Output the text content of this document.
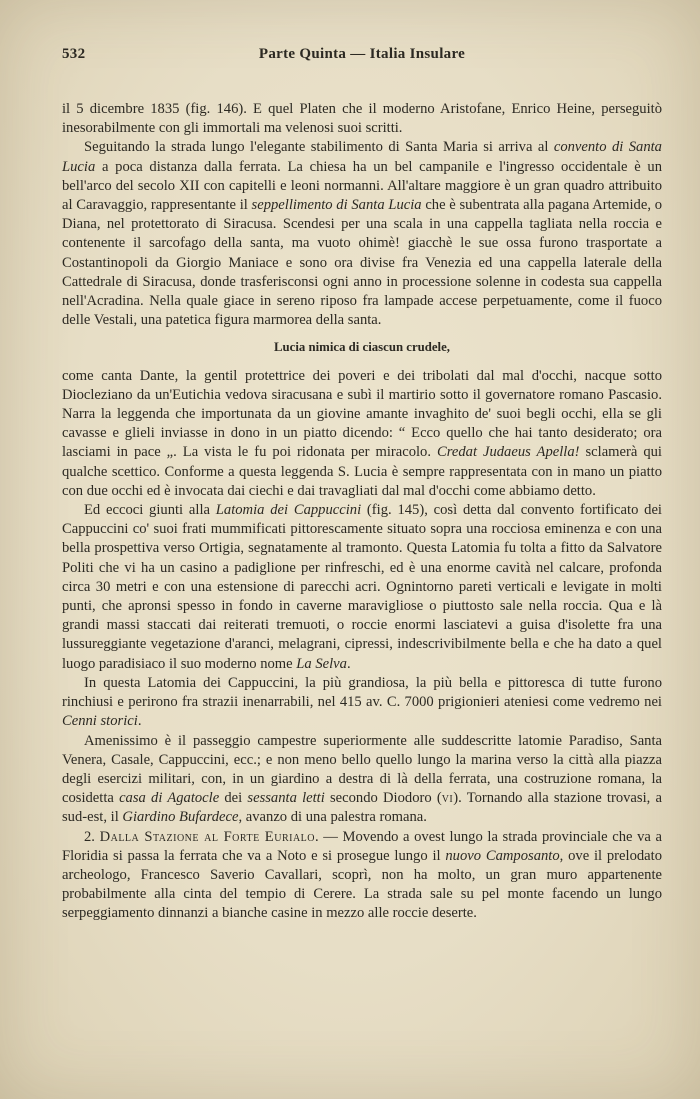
532	Parte Quinta — Italia Insulare

il 5 dicembre 1835 (fig. 146). E quel Platen che il moderno Aristofane, Enrico Heine, perseguitò inesorabilmente con gli immortali ma velenosi suoi scritti.

Seguitando la strada lungo l'elegante stabilimento di Santa Maria si arriva al convento di Santa Lucia a poca distanza dalla ferrata. La chiesa ha un bel campanile e l'ingresso occidentale è un bell'arco del secolo XII con capitelli e leoni normanni. All'altare maggiore è un gran quadro attribuito al Caravaggio, rappresentante il seppellimento di Santa Lucia che è subentrata alla pagana Artemide, o Diana, nel protettorato di Siracusa. Scendesi per una scala in una cappella tagliata nella roccia e contenente il sarcofago della santa, ma vuoto ohimè! giacchè le sue ossa furono trasportate a Costantinopoli da Giorgio Maniace e sono ora divise fra Venezia ed una cappella laterale della Cattedrale di Siracusa, donde trasferisconsi ogni anno in processione solenne in codesta sua cappella nell'Acradina. Nella quale giace in sereno riposo fra lampade accese perpetuamente, come il fuoco delle Vestali, una patetica figura marmorea della santa.

Lucia nimica di ciascun crudele,

come canta Dante, la gentil protettrice dei poveri e dei tribolati dal mal d'occhi, nacque sotto Diocleziano da un'Eutichia vedova siracusana e subì il martirio sotto il governatore romano Pascasio. Narra la leggenda che importunata da un giovine amante invaghito de' suoi begli occhi, ella se gli cavasse e glieli inviasse in dono in un piatto dicendo: “ Ecco quello che hai tanto desiderato; ora lasciami in pace „. La vista le fu poi ridonata per miracolo. Credat Judaeus Apella! sclamerà qui qualche scettico. Conforme a questa leggenda S. Lucia è sempre rappresentata con in mano un piatto con due occhi ed è invocata dai ciechi e dai travagliati dal mal d'occhi come abbiamo detto.

Ed eccoci giunti alla Latomia dei Cappuccini (fig. 145), così detta dal convento fortificato dei Cappuccini co' suoi frati mummificati pittorescamente situato sopra una rocciosa eminenza e con una bella prospettiva verso Ortigia, segnatamente al tramonto. Questa Latomia fu tolta a fitto da Salvatore Politi che vi ha un casino a padiglione per rinfreschi, ed è una enorme cavità nel calcare, profonda circa 30 metri e con una estensione di parecchi acri. Ognintorno pareti verticali e levigate in molti punti, che apronsi spesso in fondo in caverne maravigliose o piuttosto sale nella roccia. Qua e là grandi massi staccati dai reiterati tremuoti, o roccie enormi lasciatevi a guisa d'isolette fra una lussureggiante vegetazione d'aranci, melagrani, cipressi, indescrivibilmente bella e che ha dato a quel luogo paradisiaco il suo moderno nome La Selva.

In questa Latomia dei Cappuccini, la più grandiosa, la più bella e pittoresca di tutte furono rinchiusi e perirono fra strazii inenarrabili, nel 415 av. C. 7000 prigionieri ateniesi come vedremo nei Cenni storici.

Amenissimo è il passeggio campestre superiormente alle suddescritte latomie Paradiso, Santa Venera, Casale, Cappuccini, ecc.; e non meno bello quello lungo la marina verso la città alla piazza degli esercizi militari, con, in un giardino a destra di là della ferrata, una costruzione romana, la cosidetta casa di Agatocle dei sessanta letti secondo Diodoro (vi). Tornando alla stazione trovasi, a sud-est, il Giardino Bufardece, avanzo di una palestra romana.

2. Dalla Stazione al Forte Eurialo. — Movendo a ovest lungo la strada provinciale che va a Floridia si passa la ferrata che va a Noto e si prosegue lungo il nuovo Camposanto, ove il prelodato archeologo, Francesco Saverio Cavallari, scoprì, non ha molto, un gran muro appartenente probabilmente alla cinta del tempio di Cerere. La strada sale su pel monte facendo un lungo serpeggiamento dinnanzi a bianche casine in mezzo alle roccie deserte.
